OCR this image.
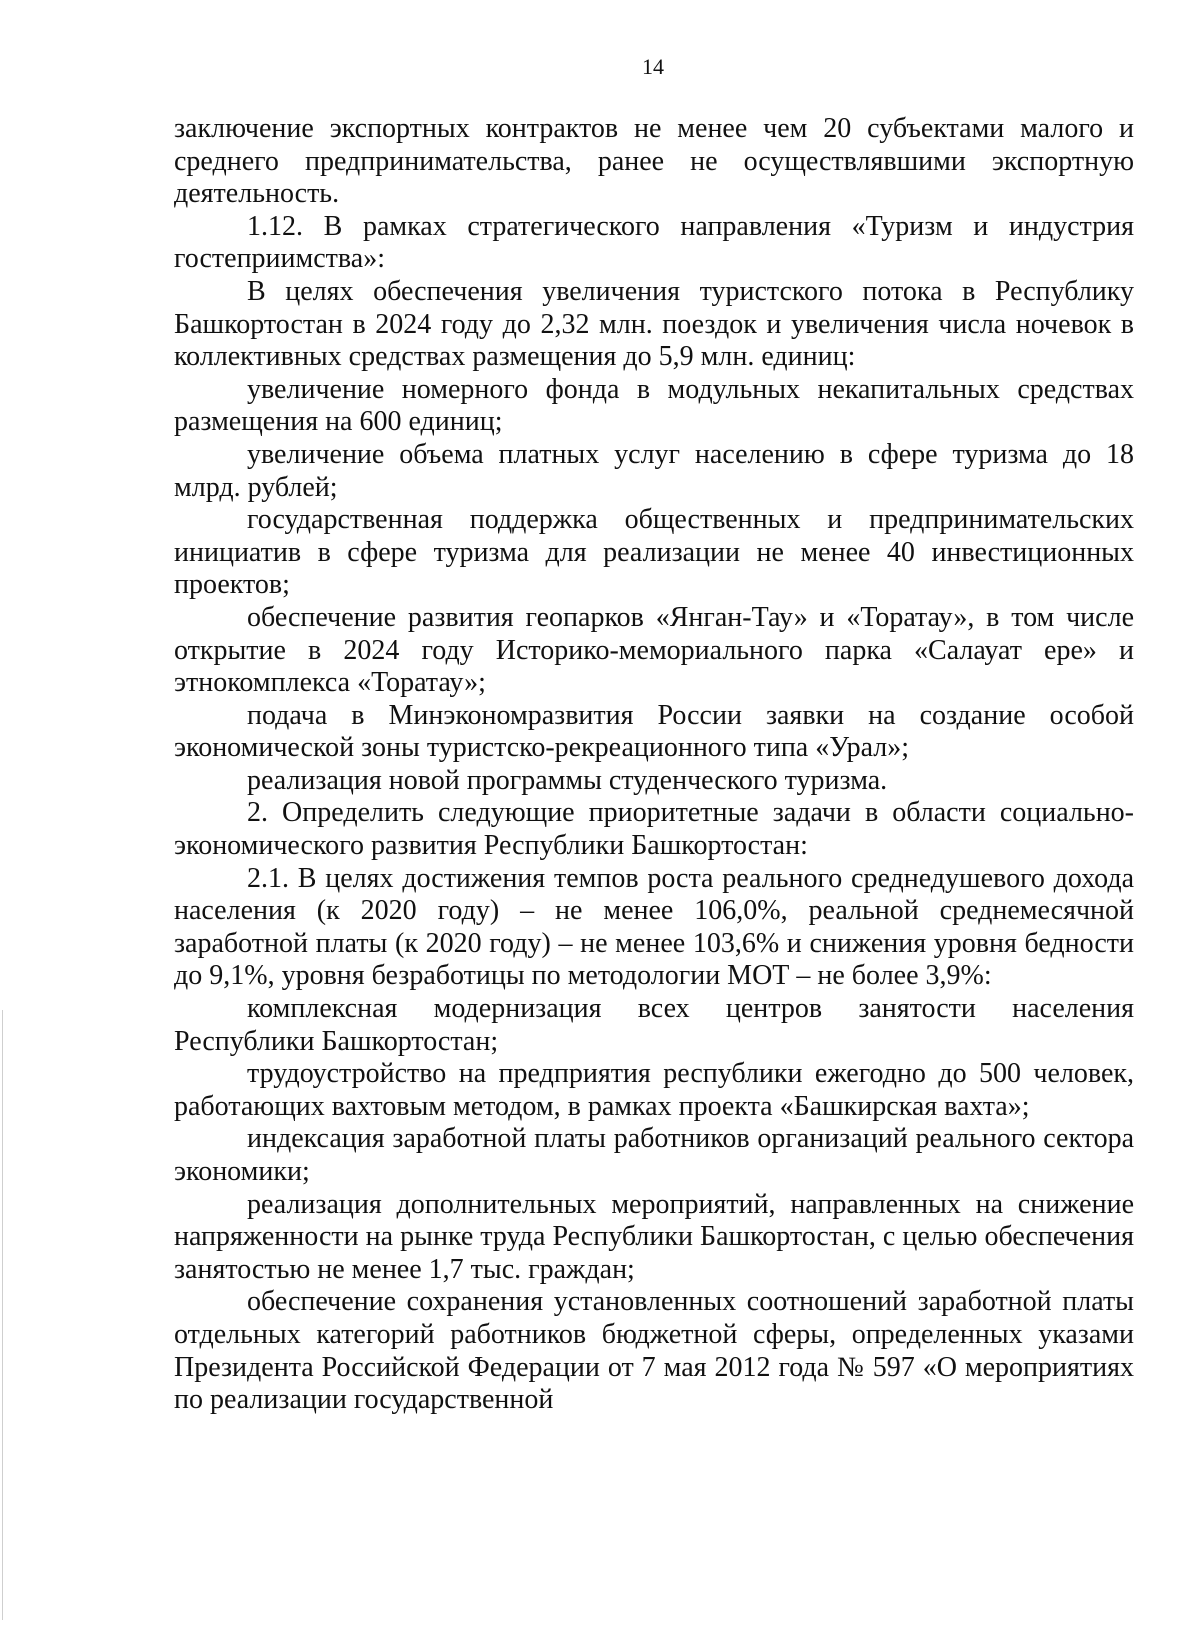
14

заключение экспортных контрактов не менее чем 20 субъектами малого и среднего предпринимательства, ранее не осуществлявшими экспортную деятельность.

1.12. В рамках стратегического направления «Туризм и индустрия гостеприимства»:

В целях обеспечения увеличения туристского потока в Республику Башкортостан в 2024 году до 2,32 млн. поездок и увеличения числа ночевок в коллективных средствах размещения до 5,9 млн. единиц:

увеличение номерного фонда в модульных некапитальных средствах размещения на 600 единиц;

увеличение объема платных услуг населению в сфере туризма до 18 млрд. рублей;

государственная поддержка общественных и предпринимательских инициатив в сфере туризма для реализации не менее 40 инвестиционных проектов;

обеспечение развития геопарков «Янган-Тау» и «Торатау», в том числе открытие в 2024 году Историко-мемориального парка «Салауат ере» и этнокомплекса «Торатау»;

подача в Минэкономразвития России заявки на создание особой экономической зоны туристско-рекреационного типа «Урал»;

реализация новой программы студенческого туризма.

2. Определить следующие приоритетные задачи в области социально-экономического развития Республики Башкортостан:

2.1. В целях достижения темпов роста реального среднедушевого дохода населения (к 2020 году) – не менее 106,0%, реальной среднемесячной заработной платы (к 2020 году) – не менее 103,6% и снижения уровня бедности до 9,1%, уровня безработицы по методологии МОТ – не более 3,9%:

комплексная модернизация всех центров занятости населения Республики Башкортостан;

трудоустройство на предприятия республики ежегодно до 500 человек, работающих вахтовым методом, в рамках проекта «Башкирская вахта»;

индексация заработной платы работников организаций реального сектора экономики;

реализация дополнительных мероприятий, направленных на снижение напряженности на рынке труда Республики Башкортостан, с целью обеспечения занятостью не менее 1,7 тыс. граждан;

обеспечение сохранения установленных соотношений заработной платы отдельных категорий работников бюджетной сферы, определенных указами Президента Российской Федерации от 7 мая 2012 года № 597 «О мероприятиях по реализации государственной
